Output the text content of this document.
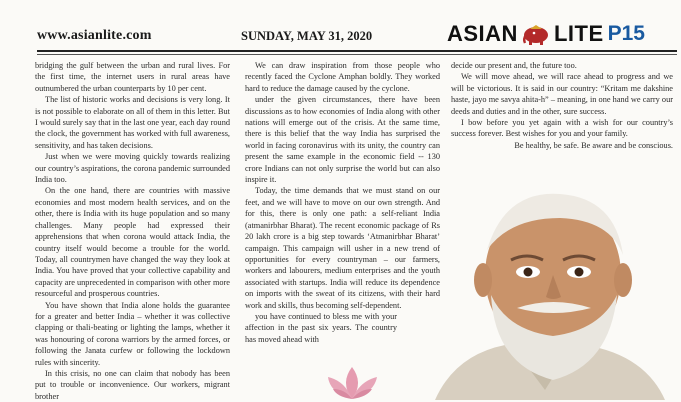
www.asianlite.com	SUNDAY, MAY 31, 2020	ASIAN LITE P15

bridging the gulf between the urban and rural lives. For the first time, the internet users in rural areas have outnumbered the urban counterparts by 10 per cent.

The list of historic works and decisions is very long. It is not possible to elaborate on all of them in this letter. But I would surely say that in the last one year, each day round the clock, the government has worked with full awareness, sensitivity, and has taken decisions.

Just when we were moving quickly towards realizing our country’s aspirations, the corona pandemic surrounded India too.

On the one hand, there are countries with massive economies and most modern health services, and on the other, there is India with its huge population and so many challenges. Many people had expressed their apprehensions that when corona would attack India, the country itself would become a trouble for the world. Today, all countrymen have changed the way they look at India. You have proved that your collective capability and capacity are unprecedented in comparison with other more resourceful and prosperous countries.

You have shown that India alone holds the guarantee for a greater and better India – whether it was collective clapping or thali-beating or lighting the lamps, whether it was honouring of corona warriors by the armed forces, or following the Janata curfew or following the lockdown rules with sincerity.

In this crisis, no one can claim that nobody has been put to trouble or inconvenience. Our workers, migrant brother

We can draw inspiration from those people who recently faced the Cyclone Amphan boldly. They worked hard to reduce the damage caused by the cyclone.

under the given circumstances, there have been discussions as to how economies of India along with other nations will emerge out of the crisis. At the same time, there is this belief that the way India has surprised the world in facing coronavirus with its unity, the country can present the same example in the economic field -- 130 crore Indians can not only surprise the world but can also inspire it.

Today, the time demands that we must stand on our feet, and we will have to move on our own strength. And for this, there is only one path: a self-reliant India (atmanirbhar Bharat). The recent economic package of Rs 20 lakh crore is a big step towards ‘Atmanirbhar Bharat’ campaign. This campaign will usher in a new trend of opportunities for every countryman – our farmers, workers and labourers, medium enterprises and the youth associated with startups. India will reduce its dependence on imports with the sweat of its citizens, with their hard work and skills, thus becoming self-dependent.

you have continued to bless me with your affection in the past six years. The country has moved ahead with

decide our present and, the future too.

We will move ahead, we will race ahead to progress and we will be victorious. It is said in our country: “Kritam me dakshine haste, jayo me savya ahita-h” – meaning, in one hand we carry our deeds and duties and in the other, sure success.

I bow before you yet again with a wish for our country’s success forever. Best wishes for you and your family.

Be healthy, be safe. Be aware and be conscious.
